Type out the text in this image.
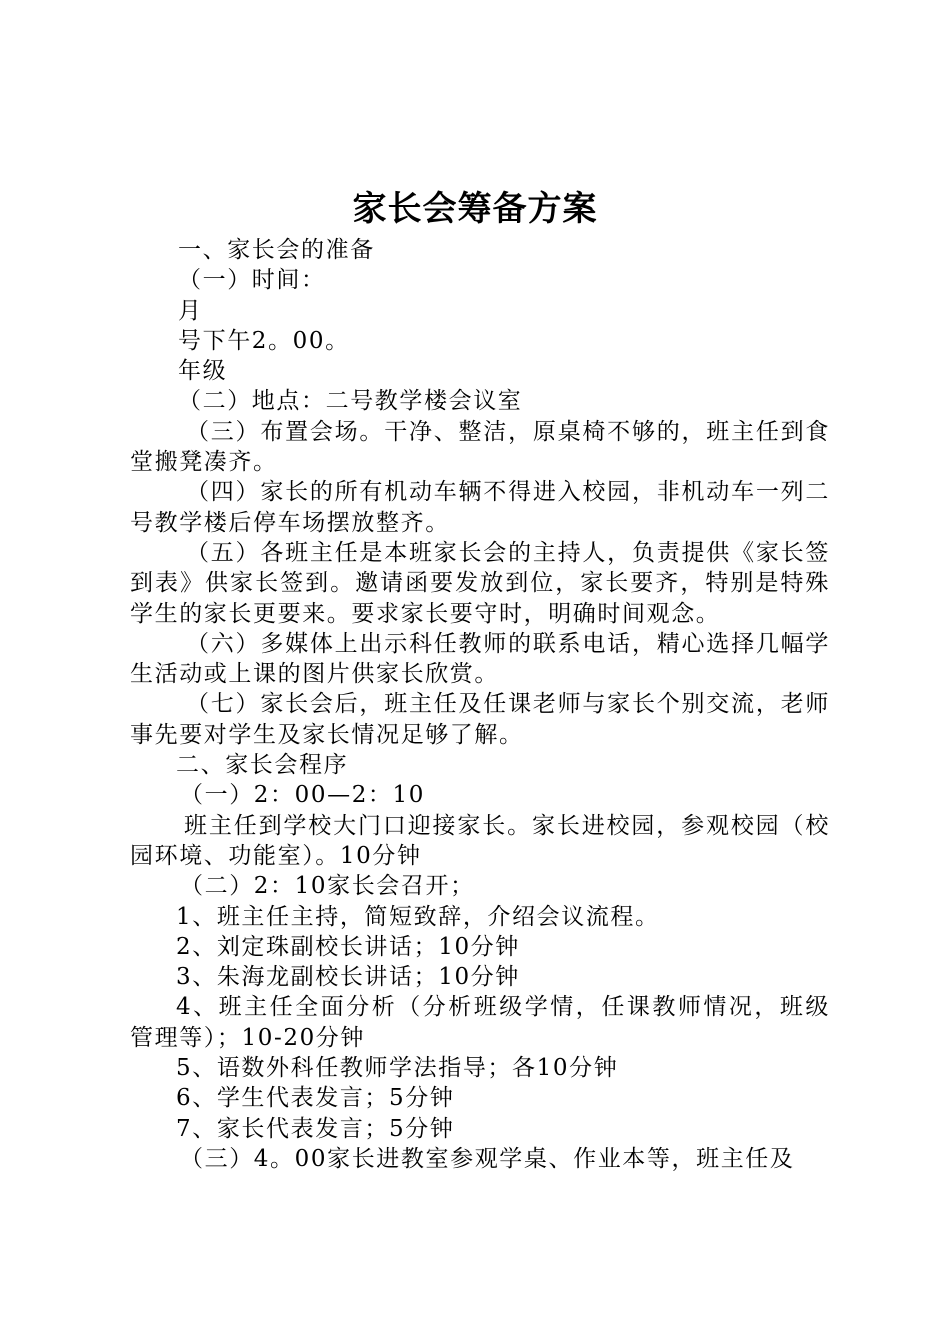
家长会筹备方案

一、家长会的准备

（一）时间：

月

号下午2。00。

年级

（二）地点：二号教学楼会议室

（三）布置会场。干净、整洁，原桌椅不够的，班主任到食堂搬凳凑齐。

（四）家长的所有机动车辆不得进入校园，非机动车一列二号教学楼后停车场摆放整齐。

（五）各班主任是本班家长会的主持人，负责提供《家长签到表》供家长签到。邀请函要发放到位，家长要齐，特别是特殊学生的家长更要来。要求家长要守时，明确时间观念。

（六）多媒体上出示科任教师的联系电话，精心选择几幅学生活动或上课的图片供家长欣赏。

（七）家长会后，班主任及任课老师与家长个别交流，老师事先要对学生及家长情况足够了解。

二、家长会程序

（一）2：00—2：10

班主任到学校大门口迎接家长。家长进校园，参观校园（校园环境、功能室）。10分钟

（二）2：10家长会召开；

1、班主任主持，简短致辞，介绍会议流程。

2、刘定珠副校长讲话；10分钟

3、朱海龙副校长讲话；10分钟

4、班主任全面分析（分析班级学情，任课教师情况，班级管理等）；10-20分钟

5、语数外科任教师学法指导；各10分钟

6、学生代表发言；5分钟

7、家长代表发言；5分钟

（三）4。00家长进教室参观学桌、作业本等，班主任及
